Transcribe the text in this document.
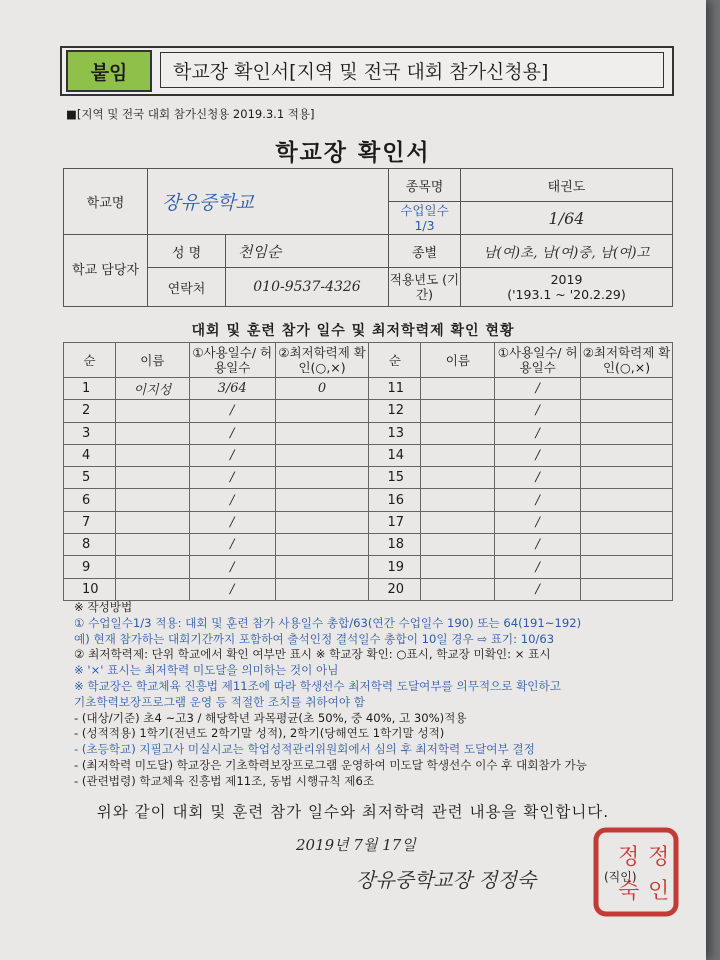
붙임	학교장 확인서[지역 및 전국 대회 참가신청용]
■[지역 및 전국 대회 참가신청용 2019.3.1 적용]
학교장 확인서
학교명	장유중학교		종목명	태권도
			수업일수 1/3	1/64
학교 담당자	성 명	천임순	종별	남(여)초, 남(여)중, 남(여)고
	연락처	010-9537-4326	적용년도 (기간)	2019
('193.1 ~ '20.2.29)
대회 및 훈련 참가 일수 및 최저학력제 확인 현황
순	이름	①사용일수/ 허용일수	②최저학력제 확인(○,×)	순	이름	①사용일수/ 허용일수	②최저학력제 확인(○,×)
1	이지성	3/64	0	11		/	
2		/		12		/	
3		/		13		/	
4		/		14		/	
5		/		15		/	
6		/		16		/	
7		/		17		/	
8		/		18		/	
9		/		19		/	
10		/		20		/	
※ 작성방법
① 수업일수1/3 적용: 대회 및 훈련 참가 사용일수 총합/63(연간 수업일수 190) 또는 64(191~192)
예) 현재 참가하는 대회기간까지 포함하여 출석인정 결석일수 총합이 10일 경우 ⇨ 표기: 10/63
② 최저학력제: 단위 학교에서 확인 여부만 표시 ※ 학교장 확인: ○표시, 학교장 미확인: × 표시
※ '×' 표시는 최저학력 미도달을 의미하는 것이 아님
※ 학교장은 학교체육 진흥법 제11조에 따라 학생선수 최저학력 도달여부를 의무적으로 확인하고
기초학력보장프로그램 운영 등 적절한 조치를 취하여야 함
- (대상/기준) 초4 ~고3 / 해당학년 과목평균(초 50%, 중 40%, 고 30%)적용
- (성적적용) 1학기(전년도 2학기말 성적), 2학기(당해연도 1학기말 성적)
- (초등학교) 지필고사 미실시교는 학업성적관리위원회에서 심의 후 최저학력 도달여부 결정
- (최저학력 미도달) 학교장은 기초학력보장프로그램 운영하여 미도달 학생선수 이수 후 대회참가 가능
- (관련법령) 학교체육 진흥법 제11조, 동법 시행규칙 제6조
위와 같이 대회 및 훈련 참가 일수와 최저학력 관련 내용을 확인합니다.
2019년 7월 17일
장유중학교장 정정숙
정 정
숙 인
(직인)
